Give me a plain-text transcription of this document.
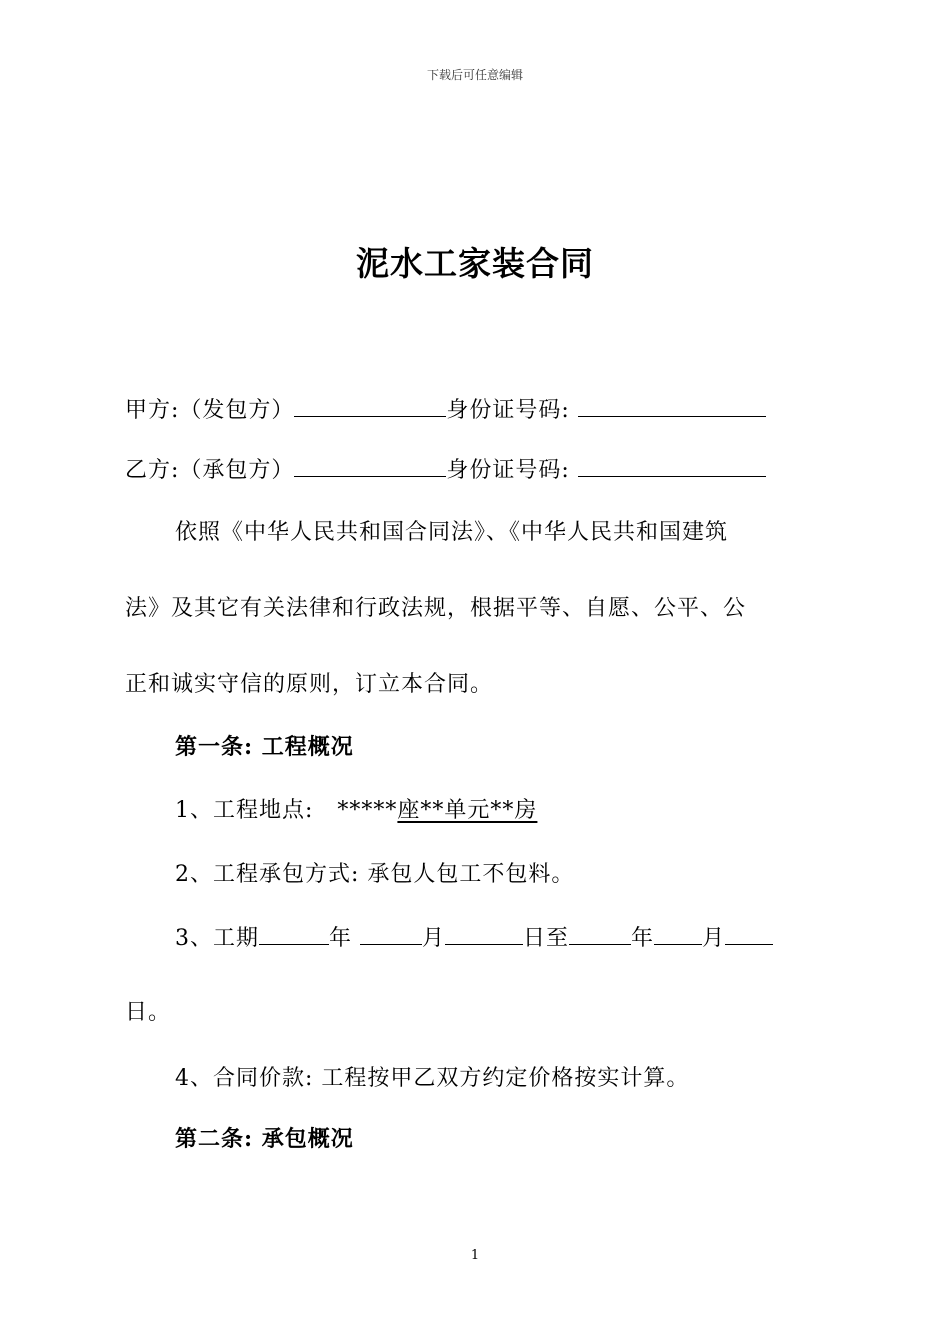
下载后可任意编辑
泥水工家装合同
甲方:（发包方）	身份证号码:
乙方:（承包方）	身份证号码:
依照《中华人民共和国合同法》、《中华人民共和国建筑
法》及其它有关法律和行政法规，根据平等、自愿、公平、公
正和诚实守信的原则，订立本合同。
第一条: 工程概况
1、工程地点: *****座**单元**房
2、工程承包方式: 承包人包工不包料。
3、工期	年	月	日至	年 月
日。
4、合同价款: 工程按甲乙双方约定价格按实计算。
第二条: 承包概况
1
